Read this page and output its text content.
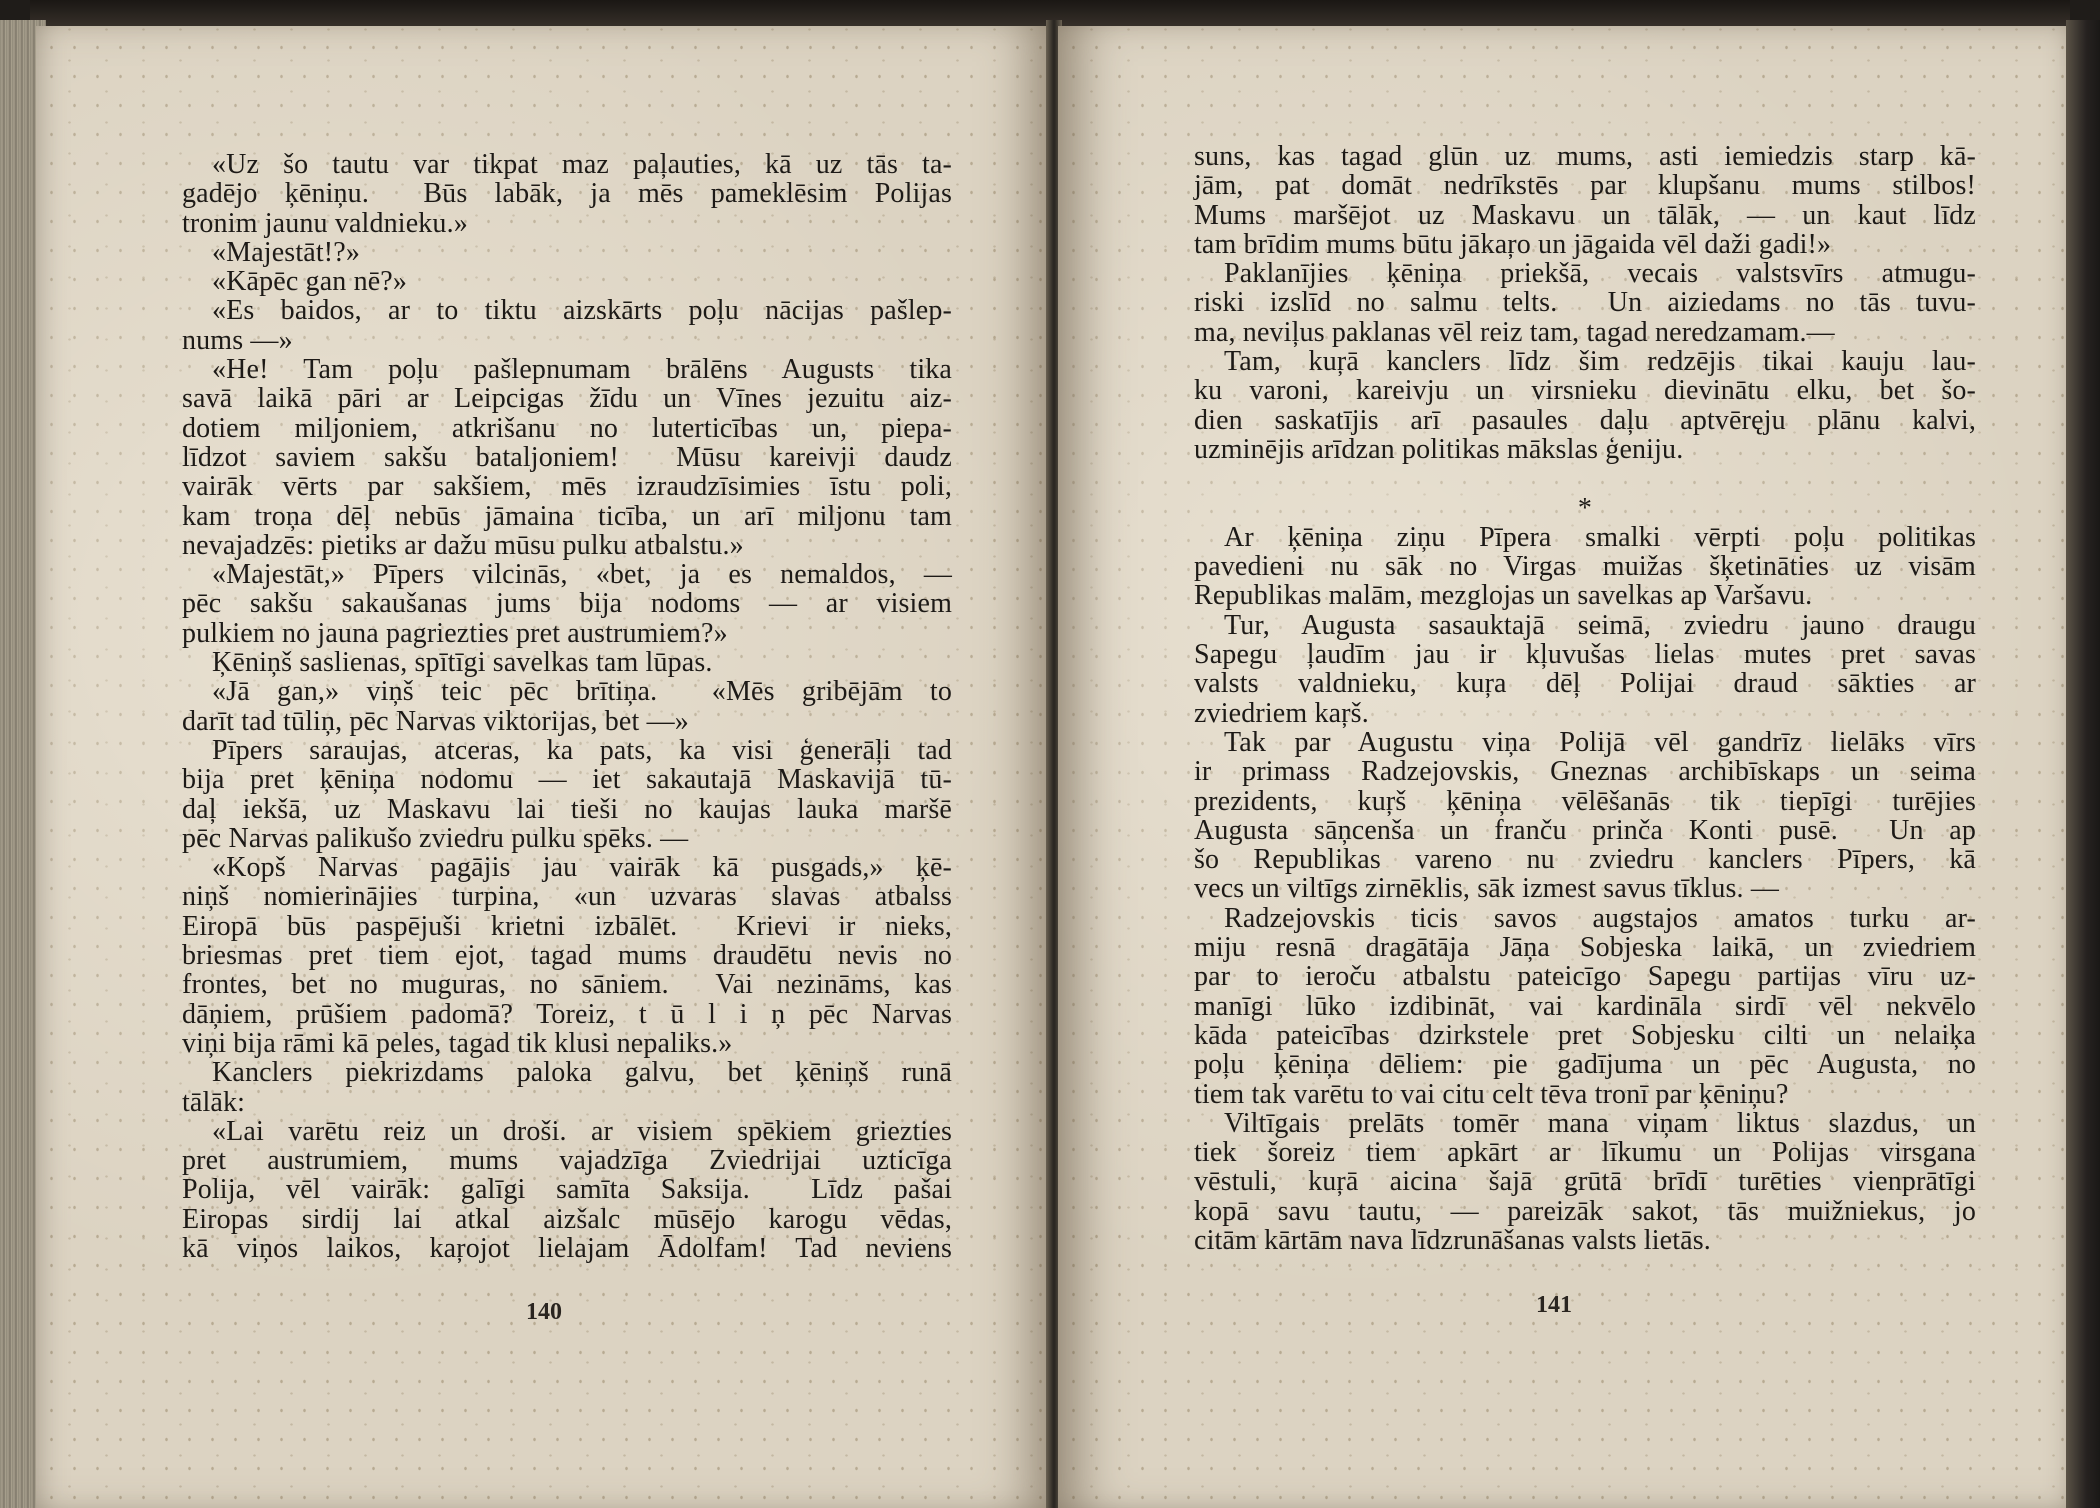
«Uz šo tautu var tikpat maz paļauties, kā uz tās ta-
gadējo ķēniņu.  Būs labāk, ja mēs pameklēsim Polijas
tronim jaunu valdnieku.»
«Majestāt!?»
«Kāpēc gan nē?»
«Es baidos, ar to tiktu aizskārts poļu nācijas pašlep-
nums —»
«He! Tam poļu pašlepnumam brālēns Augusts tika
savā laikā pāri ar Leipcigas žīdu un Vīnes jezuitu aiz-
dotiem miljoniem, atkrišanu no luterticības un, piepa-
līdzot saviem sakšu bataljoniem!  Mūsu kareivji daudz
vairāk vērts par sakšiem, mēs izraudzīsimies īstu poli,
kam troņa dēļ nebūs jāmaina ticība, un arī miljonu tam
nevajadzēs: pietiks ar dažu mūsu pulku atbalstu.»
«Majestāt,» Pīpers vilcinās, «bet, ja es nemaldos, —
pēc sakšu sakaušanas jums bija nodoms — ar visiem
pulkiem no jauna pagriezties pret austrumiem?»
Ķēniņš saslienas, spītīgi savelkas tam lūpas.
«Jā gan,» viņš teic pēc brītiņa.  «Mēs gribējām to
darīt tad tūliņ, pēc Narvas viktorijas, bet —»
Pīpers saraujas, atceras, ka pats, ka visi ģenerāļi tad
bija pret ķēniņa nodomu — iet sakautajā Maskavijā tū-
daļ iekšā, uz Maskavu lai tieši no kaujas lauka maršē
pēc Narvas palikušo zviedru pulku spēks. —
«Kopš Narvas pagājis jau vairāk kā pusgads,» ķē-
niņš nomierinājies turpina, «un uzvaras slavas atbalss
Eiropā būs paspējuši krietni izbālēt.  Krievi ir nieks,
briesmas pret tiem ejot, tagad mums draudētu nevis no
frontes, bet no muguras, no sāniem.  Vai nezināms, kas
dāņiem, prūšiem padomā? Toreiz, t ū l i ņ pēc Narvas
viņi bija rāmi kā peles, tagad tik klusi nepaliks.»
Kanclers piekrizdams paloka galvu, bet ķēniņš runā
tālāk:
«Lai varētu reiz un droši. ar visiem spēkiem griezties
pret austrumiem, mums vajadzīga Zviedrijai uzticīga
Polija, vēl vairāk: galīgi samīta Saksija.  Līdz pašai
Eiropas sirdij lai atkal aizšalc mūsējo karogu vēdas,
kā viņos laikos, kaŗojot lielajam Ādolfam! Tad neviens
140
suns, kas tagad glūn uz mums, asti iemiedzis starp kā-
jām, pat domāt nedrīkstēs par klupšanu mums stilbos!
Mums maršējot uz Maskavu un tālāk, — un kaut līdz
tam brīdim mums būtu jākaŗo un jāgaida vēl daži gadi!»
Paklanījies ķēniņa priekšā, vecais valstsvīrs atmugu-
riski izslīd no salmu telts.  Un aiziedams no tās tuvu-
ma, neviļus paklanas vēl reiz tam, tagad neredzamam.—
Tam, kuŗā kanclers līdz šim redzējis tikai kauju lau-
ku varoni, kareivju un virsnieku dievinātu elku, bet šo-
dien saskatījis arī pasaules daļu aptvēręju plānu kalvi,
uzminējis arīdzan politikas mākslas ģeniju.
*
Ar ķēniņa ziņu Pīpera smalki vērpti poļu politikas
pavedieni nu sāk no Virgas muižas šķetināties uz visām
Republikas malām, mezglojas un savelkas ap Varšavu.
Tur, Augusta sasauktajā seimā, zviedru jauno draugu
Sapegu ļaudīm jau ir kļuvušas lielas mutes pret savas
valsts valdnieku, kuŗa dēļ Polijai draud sākties ar
zviedriem kaŗš.
Tak par Augustu viņa Polijā vēl gandrīz lielāks vīrs
ir primass Radzejovskis, Gneznas archibīskaps un seima
prezidents, kuŗš ķēniņa vēlēšanās tik tiepīgi turējies
Augusta sāņcenša un franču prinča Konti pusē.  Un ap
šo Republikas vareno nu zviedru kanclers Pīpers, kā
vecs un viltīgs zirnēklis, sāk izmest savus tīklus. —
Radzejovskis ticis savos augstajos amatos turku ar-
miju resnā dragātāja Jāņa Sobjeska laikā, un zviedriem
par to ieroču atbalstu pateicīgo Sapegu partijas vīru uz-
manīgi lūko izdibināt, vai kardināla sirdī vēl nekvēlo
kāda pateicības dzirkstele pret Sobjesku cilti un nelaiķa
poļu ķēniņa dēliem: pie gadījuma un pēc Augusta, no
tiem tak varētu to vai citu celt tēva tronī par ķēniņu?
Viltīgais prelāts tomēr mana viņam liktus slazdus, un
tiek šoreiz tiem apkārt ar līkumu un Polijas virsgana
vēstuli, kuŗā aicina šajā grūtā brīdī turēties vienprātīgi
kopā savu tautu, — pareizāk sakot, tās muižniekus, jo
citām kārtām nava līdzrunāšanas valsts lietās.
141
